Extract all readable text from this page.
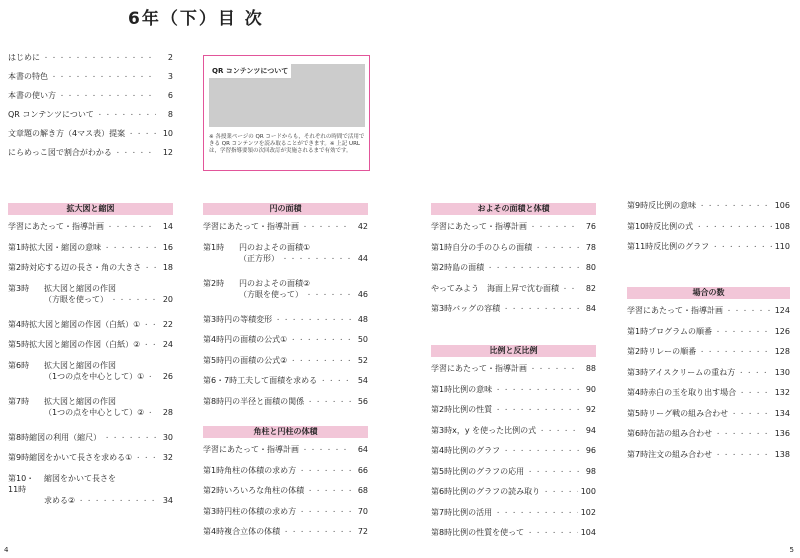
6年（下）目 次
はじめに ・・・・・・・・・・・・・・・・・・・・・・・・・・・・・・・・・・・・・・	2
本書の特色 ・・・・・・・・・・・・・・・・・・・・・・・・・・・・・・・・・・・・・・	3
本書の使い方 ・・・・・・・・・・・・・・・・・・・・・・・・・・・・・・・・・・・・・・	6
QR コンテンツについて ・・・・・・・・・・・・・・・・・・・・・・・・・・・・・・・・・・・・・・	8
文章題の解き方（4マス表）提案 ・・・・・・・・・・・・・・・・・・・・・・・・・・・・・・・・・・・・・・	10
にらめっこ図で割合がわかる ・・・・・・・・・・・・・・・・・・・・・・・・・・・・・・・・・・・・・・	12
QR コンテンツについて
※ 各授業ページの QR コードからも，それぞれの時間で活用できる QR コンテンツを読み取ることができます。※ 上記 URL は，学習指導要領の次回改訂が実施されるまで有効です。
拡大図と縮図
学習にあたって・指導計画 ・・・・・・・・・・・・・・・・・・・・・・・・・・・・・・・・・・・・・・	14
第1時 拡大図・縮図の意味 ・・・・・・・・・・・・・・・・・・・・・・・・・・・・・・・・・・・・・・	16
第2時 対応する辺の長さ・角の大きさ ・・・・・・・・・・・・・・・・・・・・・・・・・・・・・・・・・・・・・・	18
第3時	拡大図と縮図の作図
（方眼を使って） ・・・・・・・・・・・・・・・・・・・・・・・・・・・・・・・・・・・・・・	20
第4時 拡大図と縮図の作図（白紙）① ・・・・・・・・・・・・・・・・・・・・・・・・・・・・・・・・・・・・・・	22
第5時 拡大図と縮図の作図（白紙）② ・・・・・・・・・・・・・・・・・・・・・・・・・・・・・・・・・・・・・・	24
第6時	拡大図と縮図の作図
（1つの点を中心として）① ・・・・・・・・・・・・・・・・・・・・・・・・・・・・・・・・・・・・・・	26
第7時	拡大図と縮図の作図
（1つの点を中心として）② ・・・・・・・・・・・・・・・・・・・・・・・・・・・・・・・・・・・・・・	28
第8時 縮図の利用（縮尺） ・・・・・・・・・・・・・・・・・・・・・・・・・・・・・・・・・・・・・・	30
第9時 縮図をかいて長さを求める① ・・・・・・・・・・・・・・・・・・・・・・・・・・・・・・・・・・・・・・	32
第10・11時
縮図をかいて長さを
求める② ・・・・・・・・・・・・・・・・・・・・・・・・・・・・・・・・・・・・・・	34
円の面積
学習にあたって・指導計画 ・・・・・・・・・・・・・・・・・・・・・・・・・・・・・・・・・・・・・・	42
第1時	円のおよその面積①
（正方形） ・・・・・・・・・・・・・・・・・・・・・・・・・・・・・・・・・・・・・・	44
第2時	円のおよその面積②
（方眼を使って） ・・・・・・・・・・・・・・・・・・・・・・・・・・・・・・・・・・・・・・	46
第3時 円の等積変形 ・・・・・・・・・・・・・・・・・・・・・・・・・・・・・・・・・・・・・・	48
第4時 円の面積の公式① ・・・・・・・・・・・・・・・・・・・・・・・・・・・・・・・・・・・・・・	50
第5時 円の面積の公式② ・・・・・・・・・・・・・・・・・・・・・・・・・・・・・・・・・・・・・・	52
第6・7時 工夫して面積を求める ・・・・・・・・・・・・・・・・・・・・・・・・・・・・・・・・・・・・・・	54
第8時 円の半径と面積の関係 ・・・・・・・・・・・・・・・・・・・・・・・・・・・・・・・・・・・・・・	56
角柱と円柱の体積
学習にあたって・指導計画 ・・・・・・・・・・・・・・・・・・・・・・・・・・・・・・・・・・・・・・	64
第1時 角柱の体積の求め方 ・・・・・・・・・・・・・・・・・・・・・・・・・・・・・・・・・・・・・・	66
第2時 いろいろな角柱の体積 ・・・・・・・・・・・・・・・・・・・・・・・・・・・・・・・・・・・・・・	68
第3時 円柱の体積の求め方 ・・・・・・・・・・・・・・・・・・・・・・・・・・・・・・・・・・・・・・	70
第4時 複合立体の体積 ・・・・・・・・・・・・・・・・・・・・・・・・・・・・・・・・・・・・・・	72
およその面積と体積
学習にあたって・指導計画 ・・・・・・・・・・・・・・・・・・・・・・・・・・・・・・・・・・・・・・	76
第1時 自分の手のひらの面積 ・・・・・・・・・・・・・・・・・・・・・・・・・・・・・・・・・・・・・・	78
第2時 島の面積 ・・・・・・・・・・・・・・・・・・・・・・・・・・・・・・・・・・・・・・	80
やってみよう　海面上昇で沈む面積 ・・・・・・・・・・・・・・・・・・・・・・・・・・・・・・・・・・・・・・	82
第3時 バッグの容積 ・・・・・・・・・・・・・・・・・・・・・・・・・・・・・・・・・・・・・・	84
比例と反比例
学習にあたって・指導計画 ・・・・・・・・・・・・・・・・・・・・・・・・・・・・・・・・・・・・・・	88
第1時 比例の意味 ・・・・・・・・・・・・・・・・・・・・・・・・・・・・・・・・・・・・・・	90
第2時 比例の性質 ・・・・・・・・・・・・・・・・・・・・・・・・・・・・・・・・・・・・・・	92
第3時 x，y を使った比例の式 ・・・・・・・・・・・・・・・・・・・・・・・・・・・・・・・・・・・・・・	94
第4時 比例のグラフ ・・・・・・・・・・・・・・・・・・・・・・・・・・・・・・・・・・・・・・	96
第5時 比例のグラフの応用 ・・・・・・・・・・・・・・・・・・・・・・・・・・・・・・・・・・・・・・	98
第6時 比例のグラフの読み取り ・・・・・・・・・・・・・・・・・・・・・・・・・・・・・・・・・・・・・・	100
第7時 比例の活用 ・・・・・・・・・・・・・・・・・・・・・・・・・・・・・・・・・・・・・・	102
第8時 比例の性質を使って ・・・・・・・・・・・・・・・・・・・・・・・・・・・・・・・・・・・・・・	104
第9時 反比例の意味 ・・・・・・・・・・・・・・・・・・・・・・・・・・・・・・・・・・・・・・	106
第10時 反比例の式 ・・・・・・・・・・・・・・・・・・・・・・・・・・・・・・・・・・・・・・	108
第11時 反比例のグラフ ・・・・・・・・・・・・・・・・・・・・・・・・・・・・・・・・・・・・・・	110
場合の数
学習にあたって・指導計画 ・・・・・・・・・・・・・・・・・・・・・・・・・・・・・・・・・・・・・・	124
第1時 プログラムの順番 ・・・・・・・・・・・・・・・・・・・・・・・・・・・・・・・・・・・・・・	126
第2時 リレーの順番 ・・・・・・・・・・・・・・・・・・・・・・・・・・・・・・・・・・・・・・	128
第3時 アイスクリームの重ね方 ・・・・・・・・・・・・・・・・・・・・・・・・・・・・・・・・・・・・・・	130
第4時 赤白の玉を取り出す場合 ・・・・・・・・・・・・・・・・・・・・・・・・・・・・・・・・・・・・・・	132
第5時 リーグ戦の組み合わせ ・・・・・・・・・・・・・・・・・・・・・・・・・・・・・・・・・・・・・・	134
第6時 缶詰の組み合わせ ・・・・・・・・・・・・・・・・・・・・・・・・・・・・・・・・・・・・・・	136
第7時 注文の組み合わせ ・・・・・・・・・・・・・・・・・・・・・・・・・・・・・・・・・・・・・・	138
4	5
